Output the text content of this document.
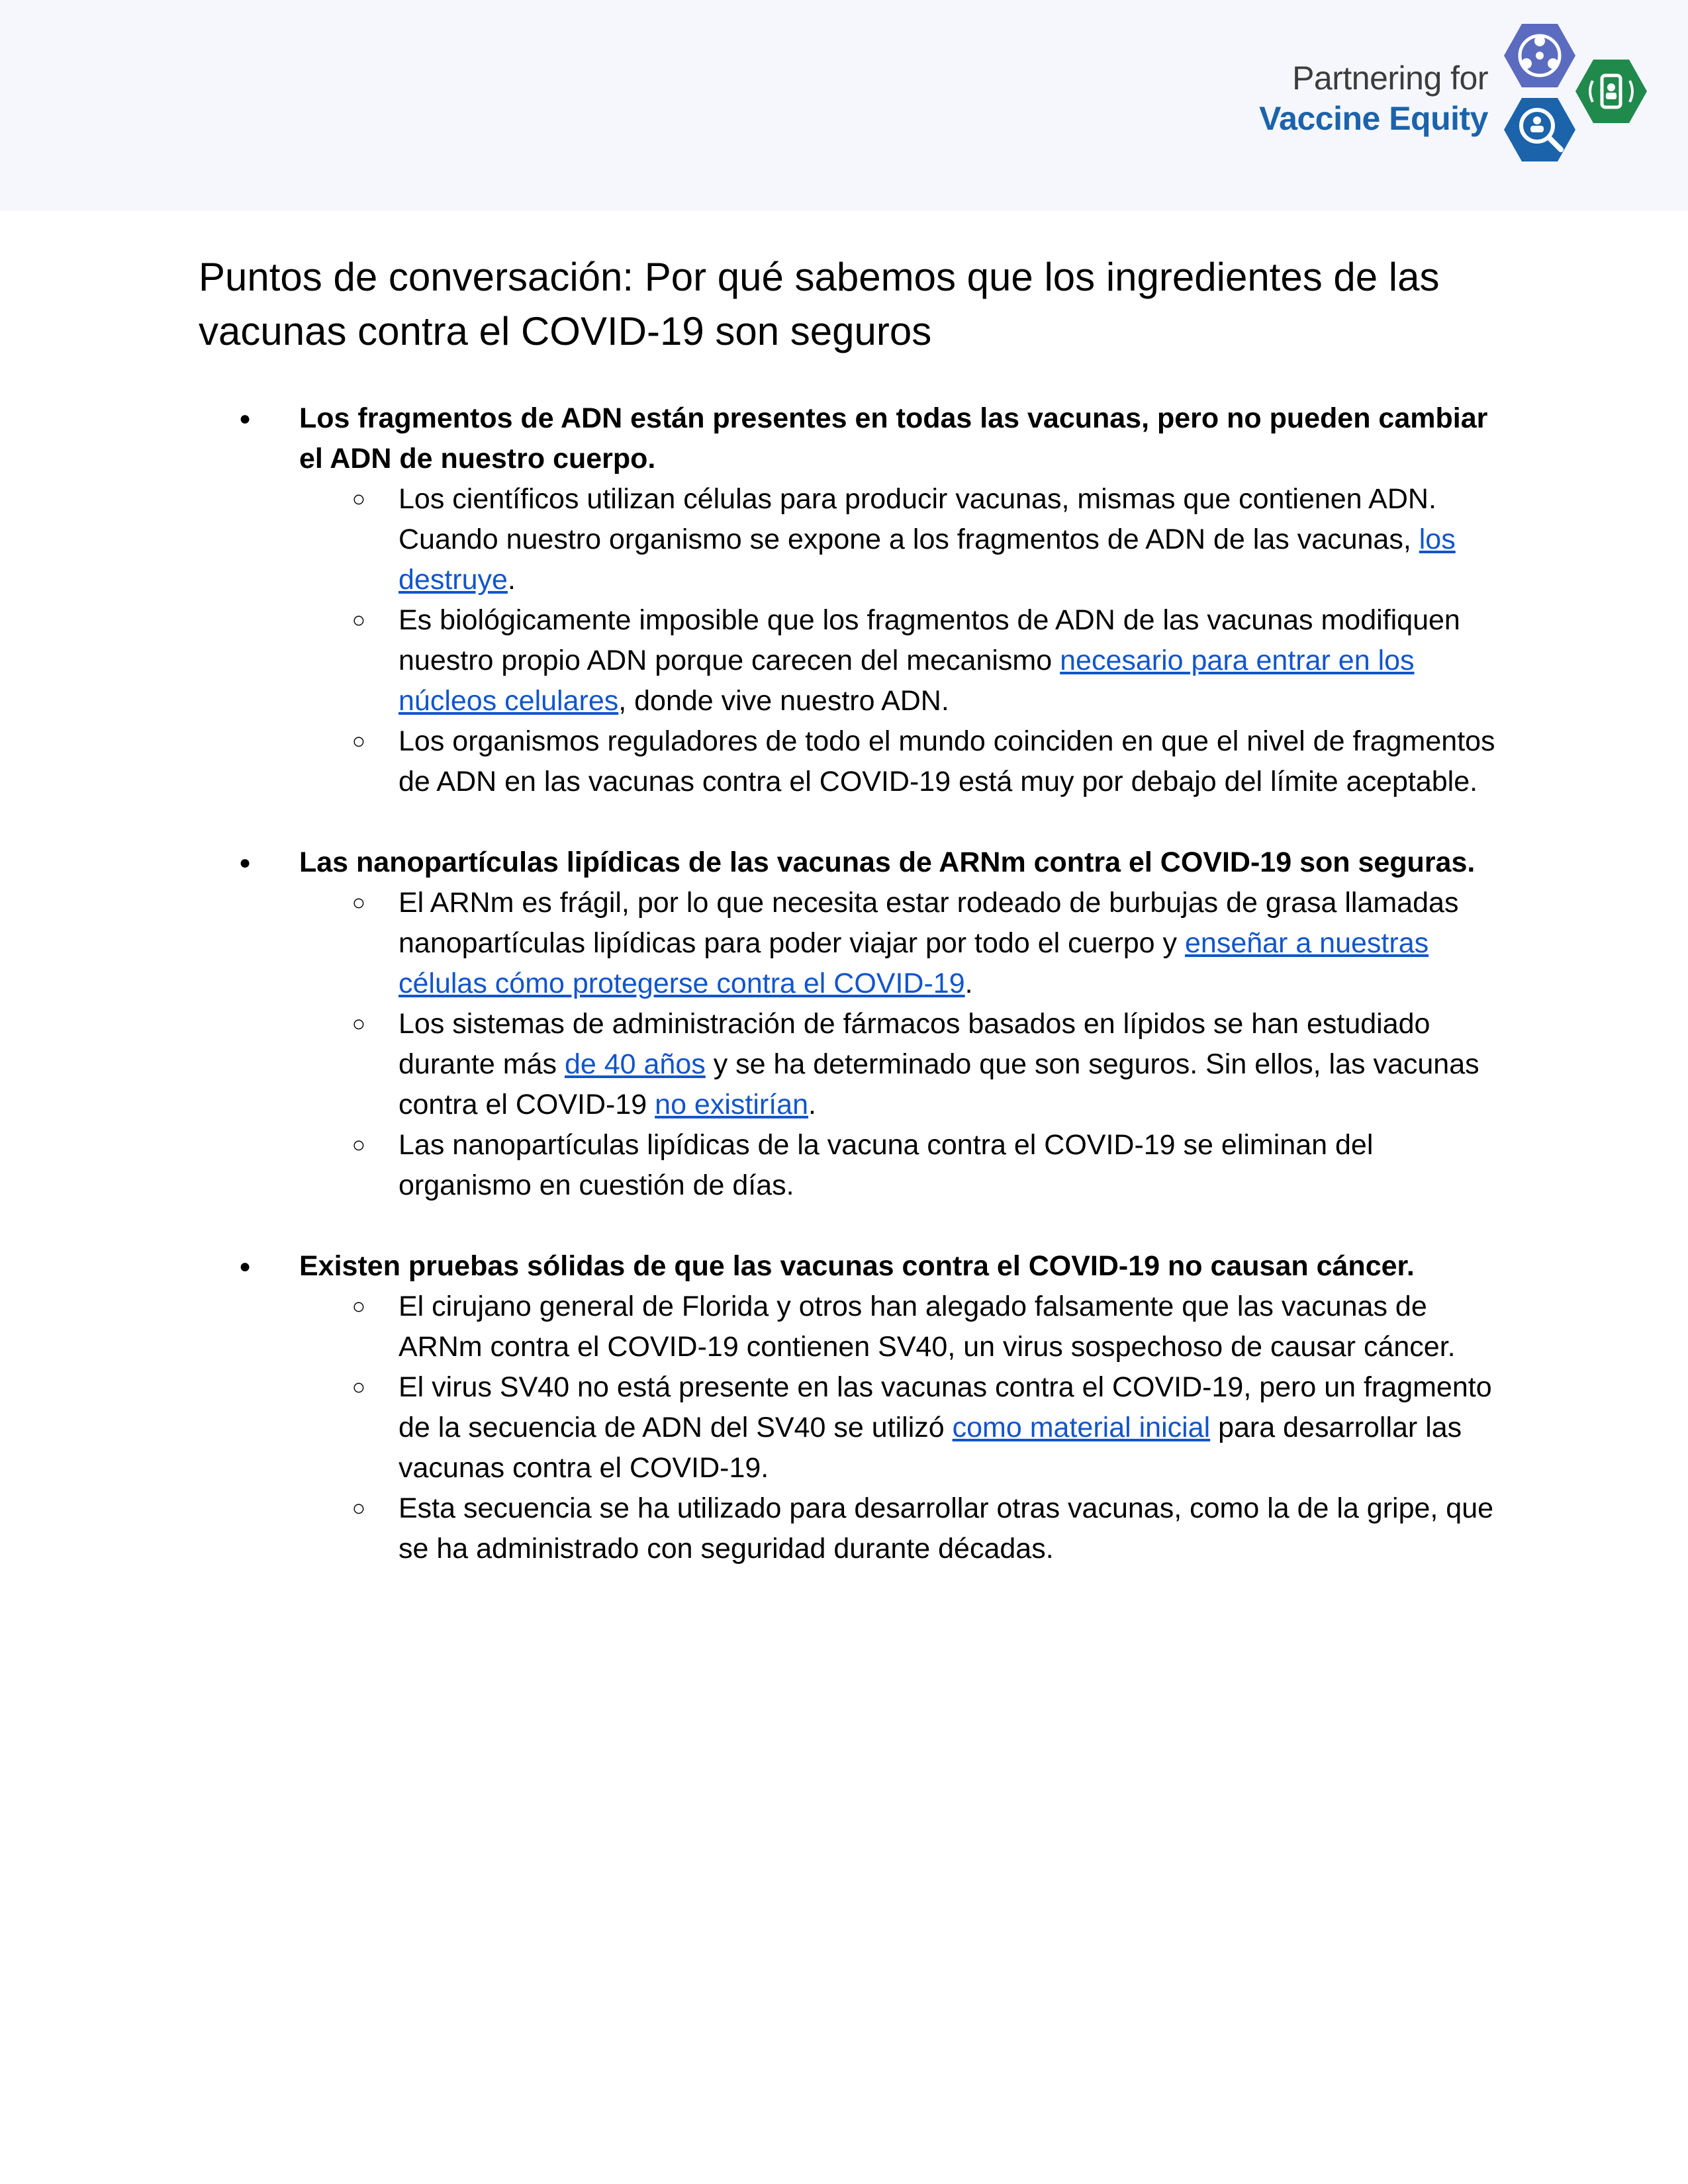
Partnering for
Vaccine Equity
Puntos de conversación: Por qué sabemos que los ingredientes de las vacunas contra el COVID-19 son seguros
● Los fragmentos de ADN están presentes en todas las vacunas, pero no pueden cambiar el ADN de nuestro cuerpo.
○ Los científicos utilizan células para producir vacunas, mismas que contienen ADN. Cuando nuestro organismo se expone a los fragmentos de ADN de las vacunas, los destruye.
○ Es biológicamente imposible que los fragmentos de ADN de las vacunas modifiquen nuestro propio ADN porque carecen del mecanismo necesario para entrar en los núcleos celulares, donde vive nuestro ADN.
○ Los organismos reguladores de todo el mundo coinciden en que el nivel de fragmentos de ADN en las vacunas contra el COVID-19 está muy por debajo del límite aceptable.
● Las nanopartículas lipídicas de las vacunas de ARNm contra el COVID-19 son seguras.
○ El ARNm es frágil, por lo que necesita estar rodeado de burbujas de grasa llamadas nanopartículas lipídicas para poder viajar por todo el cuerpo y enseñar a nuestras células cómo protegerse contra el COVID-19.
○ Los sistemas de administración de fármacos basados en lípidos se han estudiado durante más de 40 años y se ha determinado que son seguros. Sin ellos, las vacunas contra el COVID-19 no existirían.
○ Las nanopartículas lipídicas de la vacuna contra el COVID-19 se eliminan del organismo en cuestión de días.
● Existen pruebas sólidas de que las vacunas contra el COVID-19 no causan cáncer.
○ El cirujano general de Florida y otros han alegado falsamente que las vacunas de ARNm contra el COVID-19 contienen SV40, un virus sospechoso de causar cáncer.
○ El virus SV40 no está presente en las vacunas contra el COVID-19, pero un fragmento de la secuencia de ADN del SV40 se utilizó como material inicial para desarrollar las vacunas contra el COVID-19.
○ Esta secuencia se ha utilizado para desarrollar otras vacunas, como la de la gripe, que se ha administrado con seguridad durante décadas.
